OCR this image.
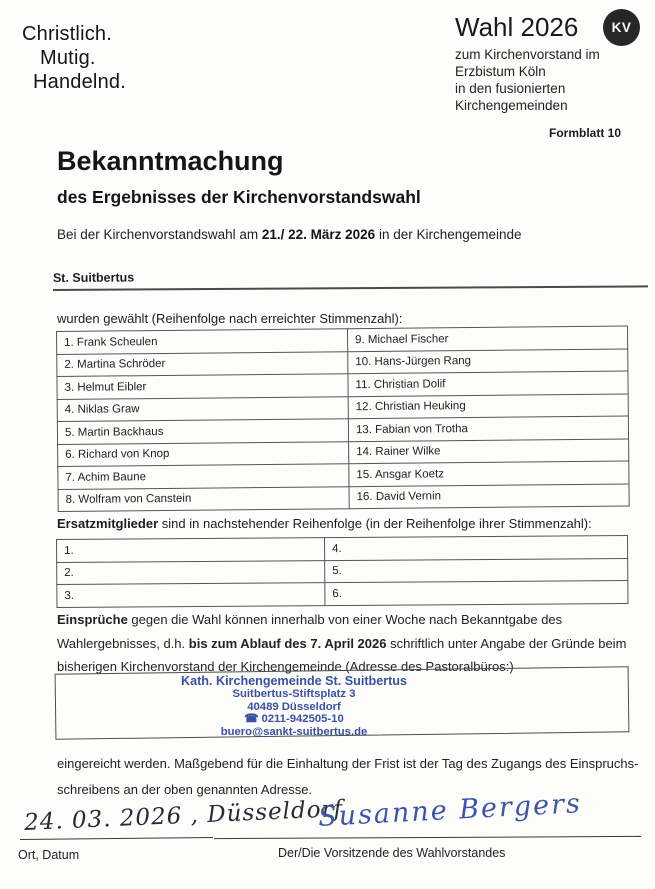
Christlich.
Mutig.
Handelnd.
Wahl 2026
zum Kirchenvorstand im
Erzbistum Köln
in den fusionierten
Kirchengemeinden
KV
Formblatt 10
Bekanntmachung
des Ergebnisses der Kirchenvorstandswahl
Bei der Kirchenvorstandswahl am 21./ 22. März 2026 in der Kirchengemeinde
St. Suitbertus
wurden gewählt (Reihenfolge nach erreichter Stimmenzahl):
1. Frank Scheulen	9. Michael Fischer
2. Martina Schröder	10. Hans-Jürgen Rang
3. Helmut Eibler	11. Christian Dolif
4. Niklas Graw	12. Christian Heuking
5. Martin Backhaus	13. Fabian von Trotha
6. Richard von Knop	14. Rainer Wilke
7. Achim Baune	15. Ansgar Koetz
8. Wolfram von Canstein	16. David Vernin
Ersatzmitglieder sind in nachstehender Reihenfolge (in der Reihenfolge ihrer Stimmenzahl):
1.	4.
2.	5.
3.	6.
Einsprüche gegen die Wahl können innerhalb von einer Woche nach Bekanntgabe des Wahlergebnisses, d.h. bis zum Ablauf des 7. April 2026 schriftlich unter Angabe der Gründe beim bisherigen Kirchenvorstand der Kirchengemeinde (Adresse des Pastoralbüros:)
Kath. Kirchengemeinde St. Suitbertus
Suitbertus-Stiftsplatz 3
40489 Düsseldorf
☎ 0211-942505-10
buero@sankt-suitbertus.de
eingereicht werden. Maßgebend für die Einhaltung der Frist ist der Tag des Zugangs des Einspruchs- schreibens an der oben genannten Adresse.
24. 03. 2026 , Düsseldorf
Susanne Bergers
Ort, Datum	Der/Die Vorsitzende des Wahlvorstandes
